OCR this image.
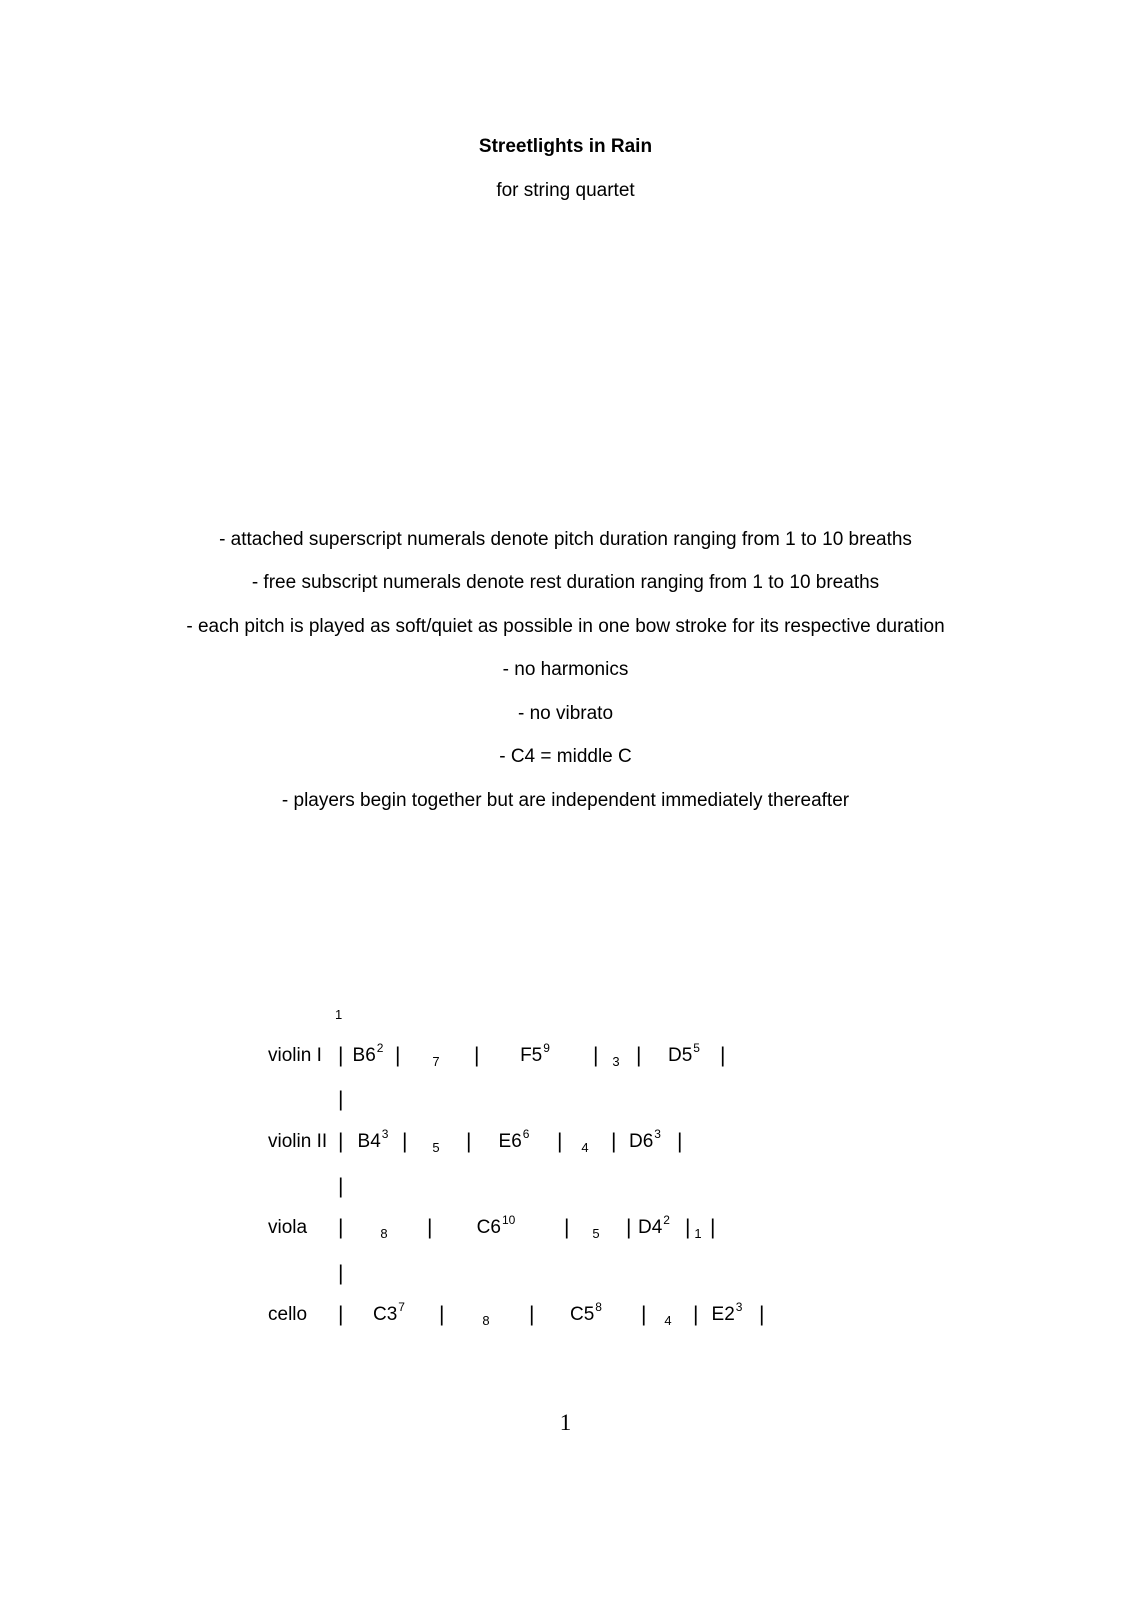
Streetlights in Rain
for string quartet
- attached superscript numerals denote pitch duration ranging from 1 to 10 breaths
- free subscript numerals denote rest duration ranging from 1 to 10 breaths
- each pitch is played as soft/quiet as possible in one bow stroke for its respective duration
- no harmonics
- no vibrato
- C4 = middle C
- players begin together but are independent immediately thereafter
1
violin I | $B6^2$ | 7 | $F5^9$ | 3 | $D5^5$ |
violin II | $B4^3$ | 5 | $E6^6$ | 4 | $D6^3$ |
viola |	8 | $C6^{10}$ | 5 | $D4^2$ | 1 |
cello | $C3^7$ |	8 | $C5^8$ | 4 | $E2^3$ |
|
|
|
1
